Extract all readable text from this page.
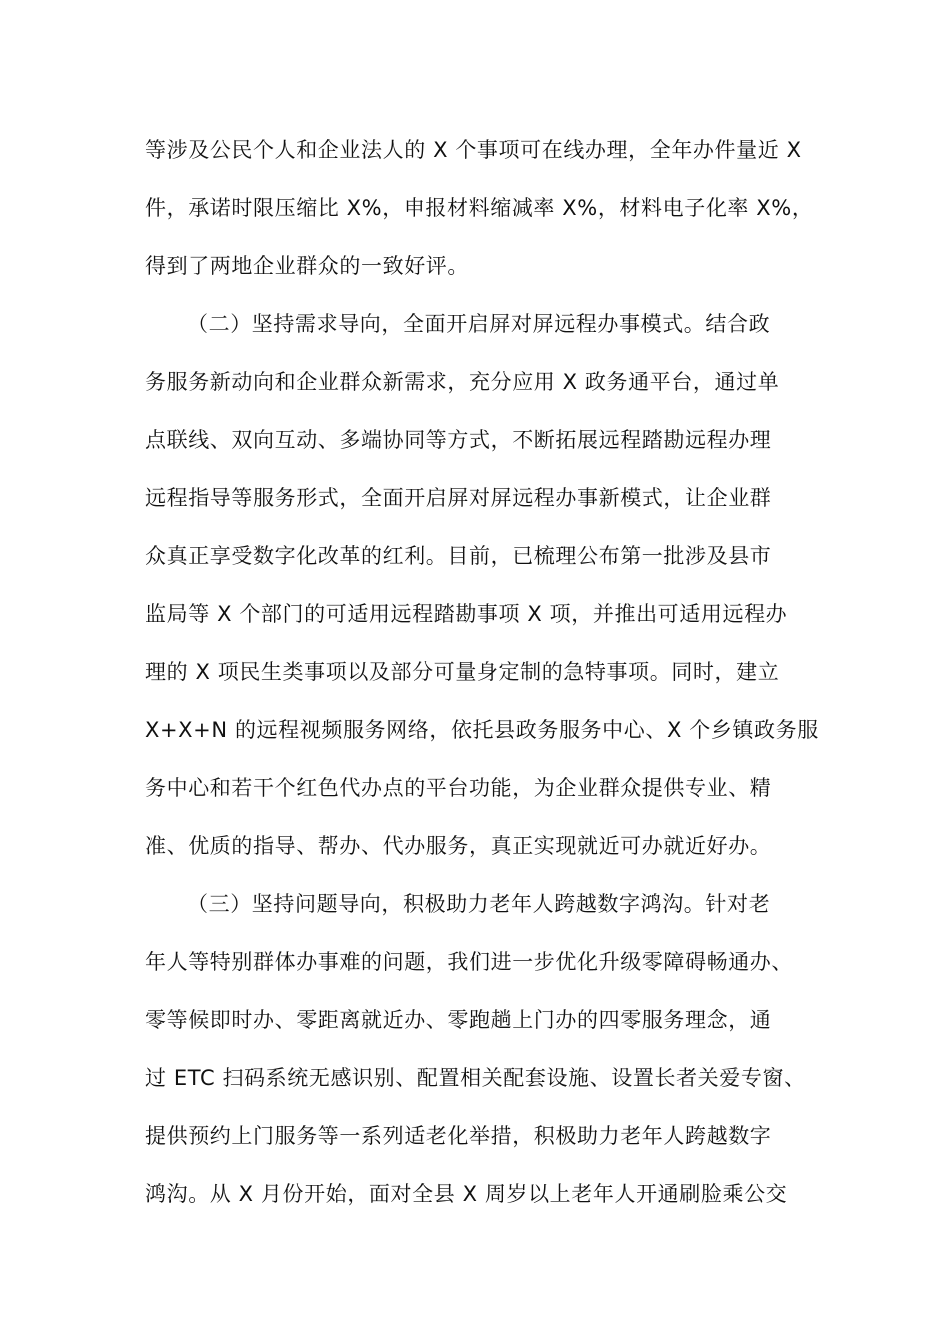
等涉及公民个人和企业法人的 X 个事项可在线办理，全年办件量近 X
件，承诺时限压缩比 X%，申报材料缩减率 X%，材料电子化率 X%，
得到了两地企业群众的一致好评。
（二）坚持需求导向，全面开启屏对屏远程办事模式。结合政
务服务新动向和企业群众新需求，充分应用 X 政务通平台，通过单
点联线、双向互动、多端协同等方式，不断拓展远程踏勘远程办理
远程指导等服务形式，全面开启屏对屏远程办事新模式，让企业群
众真正享受数字化改革的红利。目前，已梳理公布第一批涉及县市
监局等 X 个部门的可适用远程踏勘事项 X 项，并推出可适用远程办
理的 X 项民生类事项以及部分可量身定制的急特事项。同时，建立
X+X+N 的远程视频服务网络，依托县政务服务中心、X 个乡镇政务服
务中心和若干个红色代办点的平台功能，为企业群众提供专业、精
准、优质的指导、帮办、代办服务，真正实现就近可办就近好办。
（三）坚持问题导向，积极助力老年人跨越数字鸿沟。针对老
年人等特别群体办事难的问题，我们进一步优化升级零障碍畅通办、
零等候即时办、零距离就近办、零跑趟上门办的四零服务理念，通
过 ETC 扫码系统无感识别、配置相关配套设施、设置长者关爱专窗、
提供预约上门服务等一系列适老化举措，积极助力老年人跨越数字
鸿沟。从 X 月份开始，面对全县 X 周岁以上老年人开通刷脸乘公交
